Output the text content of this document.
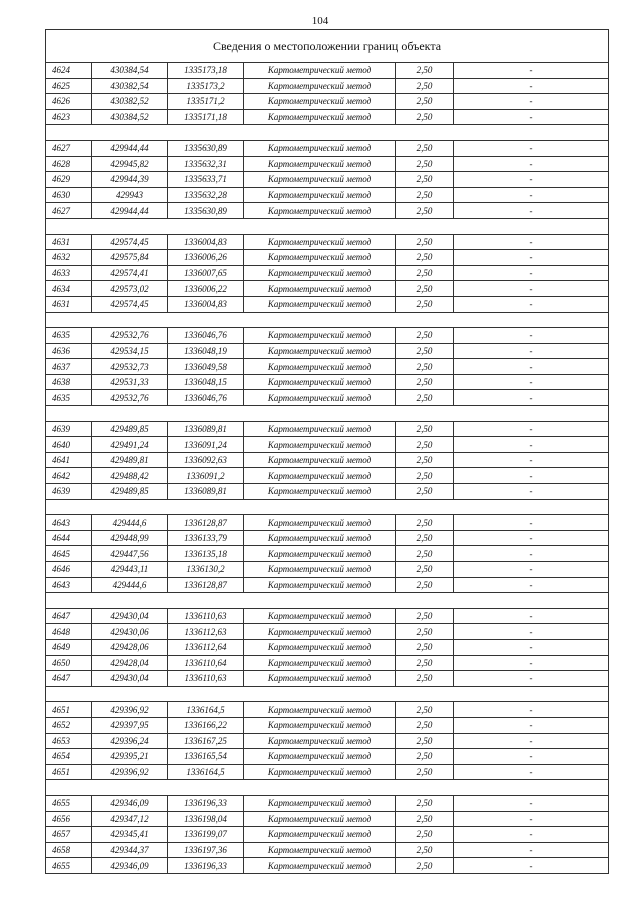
104
Сведения о местоположении границ объекта					
4624	430384,54	1335173,18	Картометрический метод	2,50	-
4625	430382,54	1335173,2	Картометрический метод	2,50	-
4626	430382,52	1335171,2	Картометрический метод	2,50	-
4623	430384,52	1335171,18	Картометрический метод	2,50	-

4627	429944,44	1335630,89	Картометрический метод	2,50	-
4628	429945,82	1335632,31	Картометрический метод	2,50	-
4629	429944,39	1335633,71	Картометрический метод	2,50	-
4630	429943	1335632,28	Картометрический метод	2,50	-
4627	429944,44	1335630,89	Картометрический метод	2,50	-

4631	429574,45	1336004,83	Картометрический метод	2,50	-
4632	429575,84	1336006,26	Картометрический метод	2,50	-
4633	429574,41	1336007,65	Картометрический метод	2,50	-
4634	429573,02	1336006,22	Картометрический метод	2,50	-
4631	429574,45	1336004,83	Картометрический метод	2,50	-

4635	429532,76	1336046,76	Картометрический метод	2,50	-
4636	429534,15	1336048,19	Картометрический метод	2,50	-
4637	429532,73	1336049,58	Картометрический метод	2,50	-
4638	429531,33	1336048,15	Картометрический метод	2,50	-
4635	429532,76	1336046,76	Картометрический метод	2,50	-

4639	429489,85	1336089,81	Картометрический метод	2,50	-
4640	429491,24	1336091,24	Картометрический метод	2,50	-
4641	429489,81	1336092,63	Картометрический метод	2,50	-
4642	429488,42	1336091,2	Картометрический метод	2,50	-
4639	429489,85	1336089,81	Картометрический метод	2,50	-

4643	429444,6	1336128,87	Картометрический метод	2,50	-
4644	429448,99	1336133,79	Картометрический метод	2,50	-
4645	429447,56	1336135,18	Картометрический метод	2,50	-
4646	429443,11	1336130,2	Картометрический метод	2,50	-
4643	429444,6	1336128,87	Картометрический метод	2,50	-

4647	429430,04	1336110,63	Картометрический метод	2,50	-
4648	429430,06	1336112,63	Картометрический метод	2,50	-
4649	429428,06	1336112,64	Картометрический метод	2,50	-
4650	429428,04	1336110,64	Картометрический метод	2,50	-
4647	429430,04	1336110,63	Картометрический метод	2,50	-

4651	429396,92	1336164,5	Картометрический метод	2,50	-
4652	429397,95	1336166,22	Картометрический метод	2,50	-
4653	429396,24	1336167,25	Картометрический метод	2,50	-
4654	429395,21	1336165,54	Картометрический метод	2,50	-
4651	429396,92	1336164,5	Картометрический метод	2,50	-

4655	429346,09	1336196,33	Картометрический метод	2,50	-
4656	429347,12	1336198,04	Картометрический метод	2,50	-
4657	429345,41	1336199,07	Картометрический метод	2,50	-
4658	429344,37	1336197,36	Картометрический метод	2,50	-
4655	429346,09	1336196,33	Картометрический метод	2,50	-
